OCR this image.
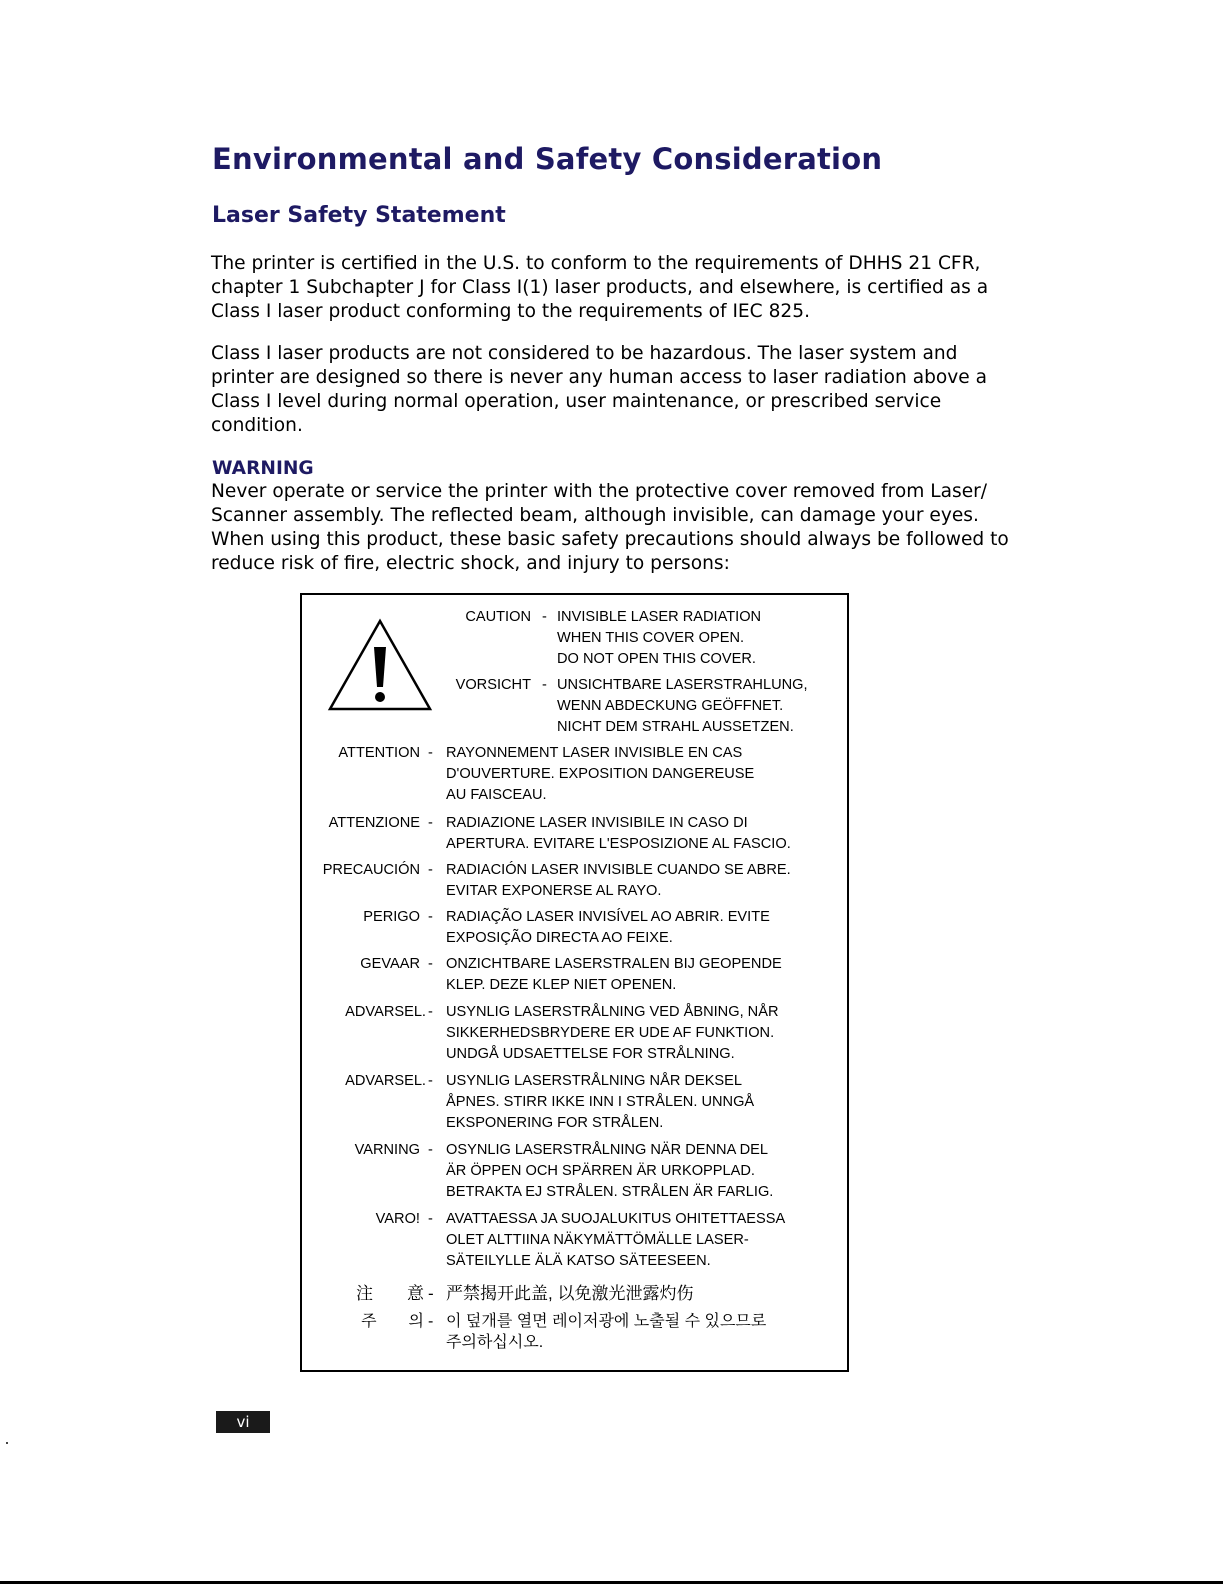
Environmental and Safety Consideration
Laser Safety Statement
The printer is certified in the U.S. to conform to the requirements of DHHS 21 CFR,
chapter 1 Subchapter J for Class I(1) laser products, and elsewhere, is certified as a
Class I laser product conforming to the requirements of IEC 825.
Class I laser products are not considered to be hazardous. The laser system and
printer are designed so there is never any human access to laser radiation above a
Class I level during normal operation, user maintenance, or prescribed service
condition.
WARNING
Never operate or service the printer with the protective cover removed from Laser/
Scanner assembly. The reflected beam, although invisible, can damage your eyes.
When using this product, these basic safety precautions should always be followed to
reduce risk of fire, electric shock, and injury to persons:
CAUTION - INVISIBLE LASER RADIATION
WHEN THIS COVER OPEN.
DO NOT OPEN THIS COVER.
VORSICHT - UNSICHTBARE LASERSTRAHLUNG,
WENN ABDECKUNG GEÖFFNET.
NICHT DEM STRAHL AUSSETZEN.
ATTENTION - RAYONNEMENT LASER INVISIBLE EN CAS
D'OUVERTURE. EXPOSITION DANGEREUSE
AU FAISCEAU.
ATTENZIONE - RADIAZIONE LASER INVISIBILE IN CASO DI
APERTURA. EVITARE L'ESPOSIZIONE AL FASCIO.
PRECAUCIÓN - RADIACIÓN LASER INVISIBLE CUANDO SE ABRE.
EVITAR EXPONERSE AL RAYO.
PERIGO - RADIAÇÃO LASER INVISÍVEL AO ABRIR. EVITE
EXPOSIÇÃO DIRECTA AO FEIXE.
GEVAAR - ONZICHTBARE LASERSTRALEN BIJ GEOPENDE
KLEP. DEZE KLEP NIET OPENEN.
ADVARSEL. - USYNLIG LASERSTRÅLNING VED ÅBNING, NÅR
SIKKERHEDSBRYDERE ER UDE AF FUNKTION.
UNDGÅ UDSAETTELSE FOR STRÅLNING.
ADVARSEL. - USYNLIG LASERSTRÅLNING NÅR DEKSEL
ÅPNES. STIRR IKKE INN I STRÅLEN. UNNGÅ
EKSPONERING FOR STRÅLEN.
VARNING - OSYNLIG LASERSTRÅLNING NÄR DENNA DEL
ÄR ÖPPEN OCH SPÄRREN ÄR URKOPPLAD.
BETRAKTA EJ STRÅLEN. STRÅLEN ÄR FARLIG.
VARO! - AVATTAESSA JA SUOJALUKITUS OHITETTAESSA
OLET ALTTIINA NÄKYMÄTTÖMÄLLE LASER-
SÄTEILYLLE ÄLÄ KATSO SÄTEESEEN.
注　　意 - 严禁揭开此盖, 以免激光泄露灼伤
주　　의 - 이 덮개를 열면 레이저광에 노출될 수 있으므로
주의하십시오.
vi
